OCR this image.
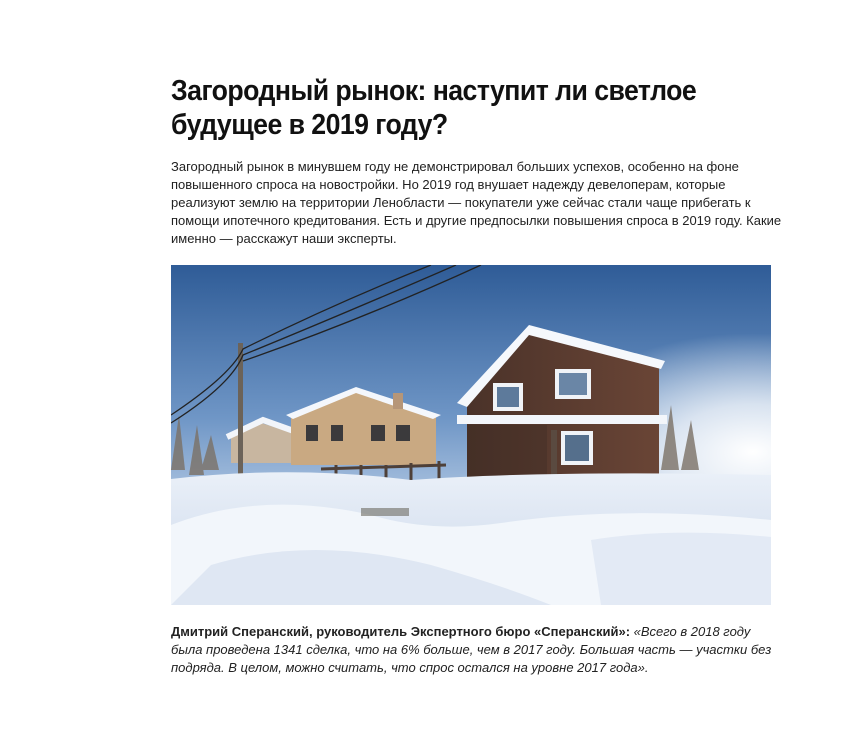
Загородный рынок: наступит ли светлое будущее в 2019 году?

Загородный рынок в минувшем году не демонстрировал больших успехов, особенно на фоне повышенного спроса на новостройки. Но 2019 год внушает надежду девелоперам, которые реализуют землю на территории Ленобласти — покупатели уже сейчас стали чаще прибегать к помощи ипотечного кредитования. Есть и другие предпосылки повышения спроса в 2019 году. Какие именно — расскажут наши эксперты.

Дмитрий Сперанский, руководитель Экспертного бюро «Сперанский»: «Всего в 2018 году была проведена 1341 сделка, что на 6% больше, чем в 2017 году. Большая часть — участки без подряда. В целом, можно считать, что спрос остался на уровне 2017 года».
